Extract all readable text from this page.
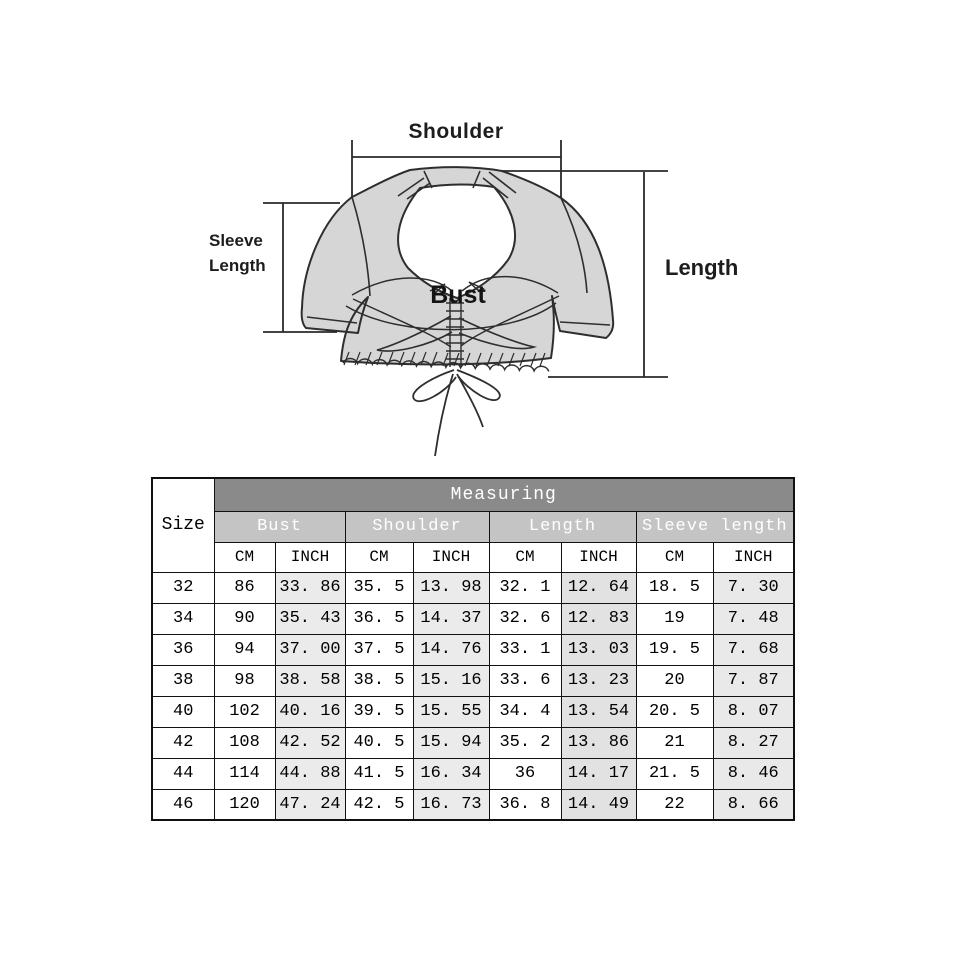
Shoulder
Sleeve
Length
Bust
Length
Size	Measuring							
	Bust		Shoulder		Length		Sleeve length	
	CM	INCH	CM	INCH	CM	INCH	CM	INCH
32	86	33. 86	35. 5	13. 98	32. 1	12. 64	18. 5	7. 30
34	90	35. 43	36. 5	14. 37	32. 6	12. 83	19	7. 48
36	94	37. 00	37. 5	14. 76	33. 1	13. 03	19. 5	7. 68
38	98	38. 58	38. 5	15. 16	33. 6	13. 23	20	7. 87
40	102	40. 16	39. 5	15. 55	34. 4	13. 54	20. 5	8. 07
42	108	42. 52	40. 5	15. 94	35. 2	13. 86	21	8. 27
44	114	44. 88	41. 5	16. 34	36	14. 17	21. 5	8. 46
46	120	47. 24	42. 5	16. 73	36. 8	14. 49	22	8. 66
